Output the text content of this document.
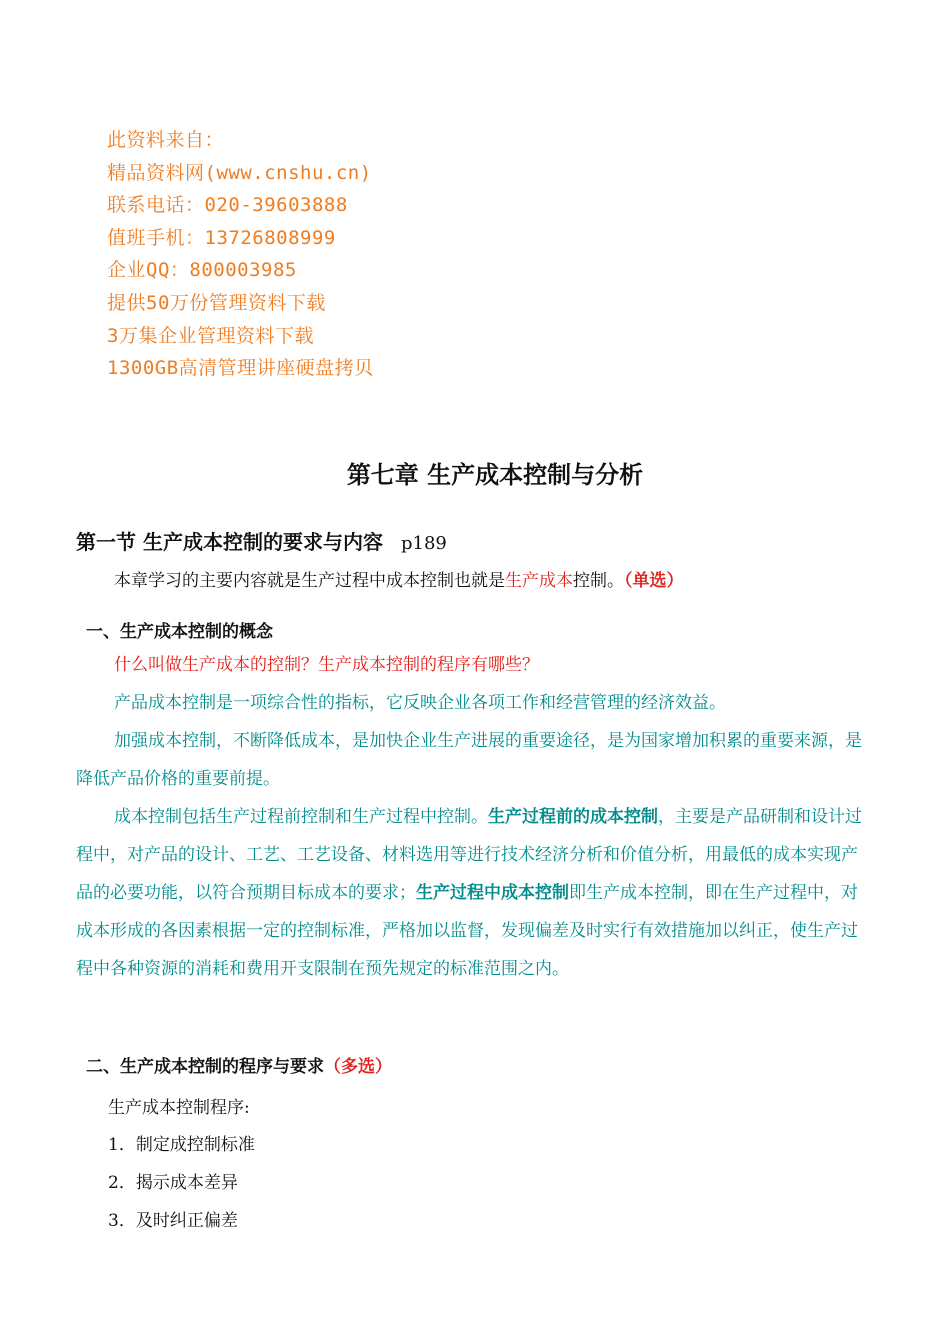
此资料来自：
精品资料网(www.cnshu.cn)
联系电话：020-39603888
值班手机：13726808999
企业QQ：800003985
提供50万份管理资料下载
3万集企业管理资料下载
1300GB高清管理讲座硬盘拷贝
第七章 生产成本控制与分析
第一节 生产成本控制的要求与内容 p189

本章学习的主要内容就是生产过程中成本控制也就是生产成本控制。（单选）

一、生产成本控制的概念

什么叫做生产成本的控制？生产成本控制的程序有哪些？

产品成本控制是一项综合性的指标，它反映企业各项工作和经营管理的经济效益。

加强成本控制，不断降低成本，是加快企业生产进展的重要途径，是为国家增加积累的重要来源，是降低产品价格的重要前提。

成本控制包括生产过程前控制和生产过程中控制。生产过程前的成本控制，主要是产品研制和设计过程中，对产品的设计、工艺、工艺设备、材料选用等进行技术经济分析和价值分析，用最低的成本实现产品的必要功能，以符合预期目标成本的要求；生产过程中成本控制即生产成本控制，即在生产过程中，对成本形成的各因素根据一定的控制标准，严格加以监督，发现偏差及时实行有效措施加以纠正，使生产过程中各种资源的消耗和费用开支限制在预先规定的标准范围之内。

二、生产成本控制的程序与要求（多选）
生产成本控制程序:
1．制定成控制标准
2．揭示成本差异
3．及时纠正偏差
